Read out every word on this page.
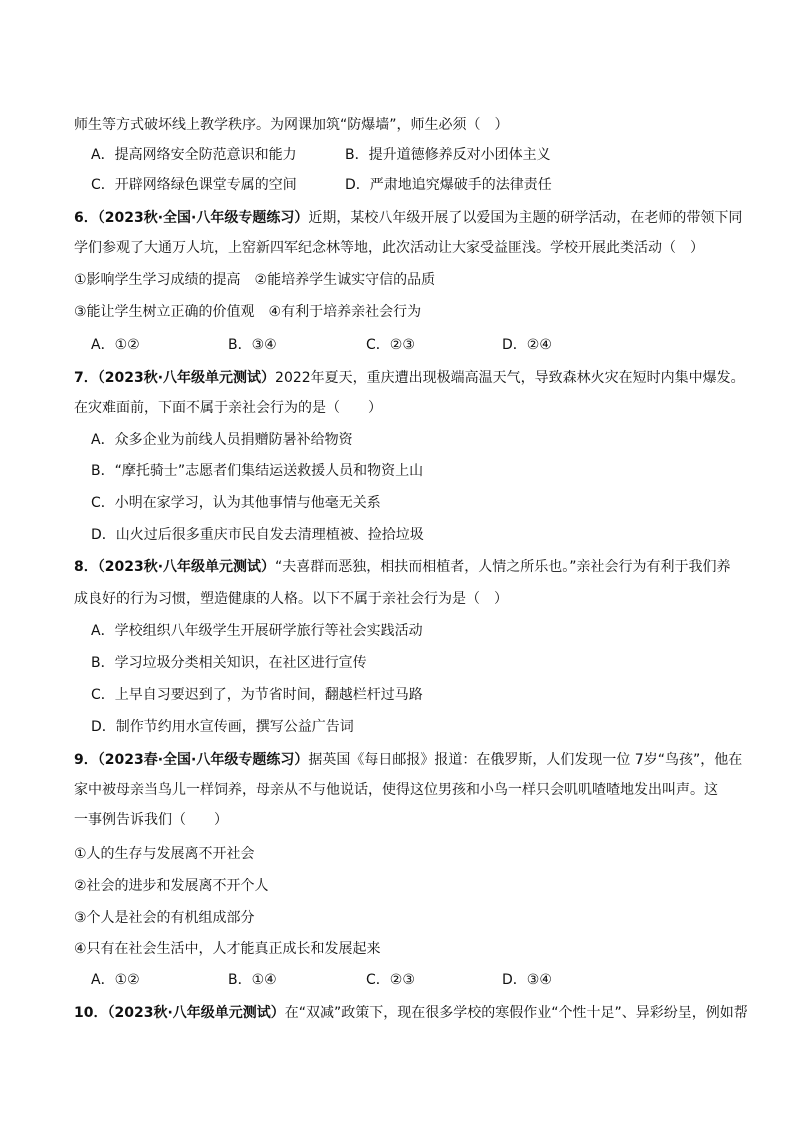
师生等方式破坏线上教学秩序。为网课加筑“防爆墙”，师生必须（　）
A．提高网络安全防范意识和能力	B．提升道德修养反对小团体主义
C．开辟网络绿色课堂专属的空间	D．严肃地追究爆破手的法律责任
6．（2023秋·全国·八年级专题练习）近期，某校八年级开展了以爱国为主题的研学活动，在老师的带领下同
学们参观了大通万人坑，上窑新四军纪念林等地，此次活动让大家受益匪浅。学校开展此类活动（　）
①影响学生学习成绩的提高　②能培养学生诚实守信的品质
③能让学生树立正确的价值观　④有利于培养亲社会行为
A．①②	B．③④	C．②③	D．②④
7．（2023秋·八年级单元测试）2022年夏天，重庆遭出现极端高温天气，导致森林火灾在短时内集中爆发。
在灾难面前，下面不属于亲社会行为的是（　　）
A．众多企业为前线人员捐赠防暑补给物资
B．“摩托骑士”志愿者们集结运送救援人员和物资上山
C．小明在家学习，认为其他事情与他毫无关系
D．山火过后很多重庆市民自发去清理植被、捡拾垃圾
8．（2023秋·八年级单元测试）“夫喜群而恶独，相扶而相植者，人情之所乐也。”亲社会行为有利于我们养
成良好的行为习惯，塑造健康的人格。以下不属于亲社会行为是（　）
A．学校组织八年级学生开展研学旅行等社会实践活动
B．学习垃圾分类相关知识，在社区进行宣传
C．上早自习要迟到了，为节省时间，翻越栏杆过马路
D．制作节约用水宣传画，撰写公益广告词
9．（2023春·全国·八年级专题练习）据英国《每日邮报》报道：在俄罗斯，人们发现一位 7岁“鸟孩”，他在
家中被母亲当鸟儿一样饲养，母亲从不与他说话，使得这位男孩和小鸟一样只会叽叽喳喳地发出叫声。这
一事例告诉我们（　　）
①人的生存与发展离不开社会
②社会的进步和发展离不开个人
③个人是社会的有机组成部分
④只有在社会生活中，人才能真正成长和发展起来
A．①②	B．①④	C．②③	D．③④
10．（2023秋·八年级单元测试）在“双减”政策下，现在很多学校的寒假作业“个性十足”、异彩纷呈，例如帮
